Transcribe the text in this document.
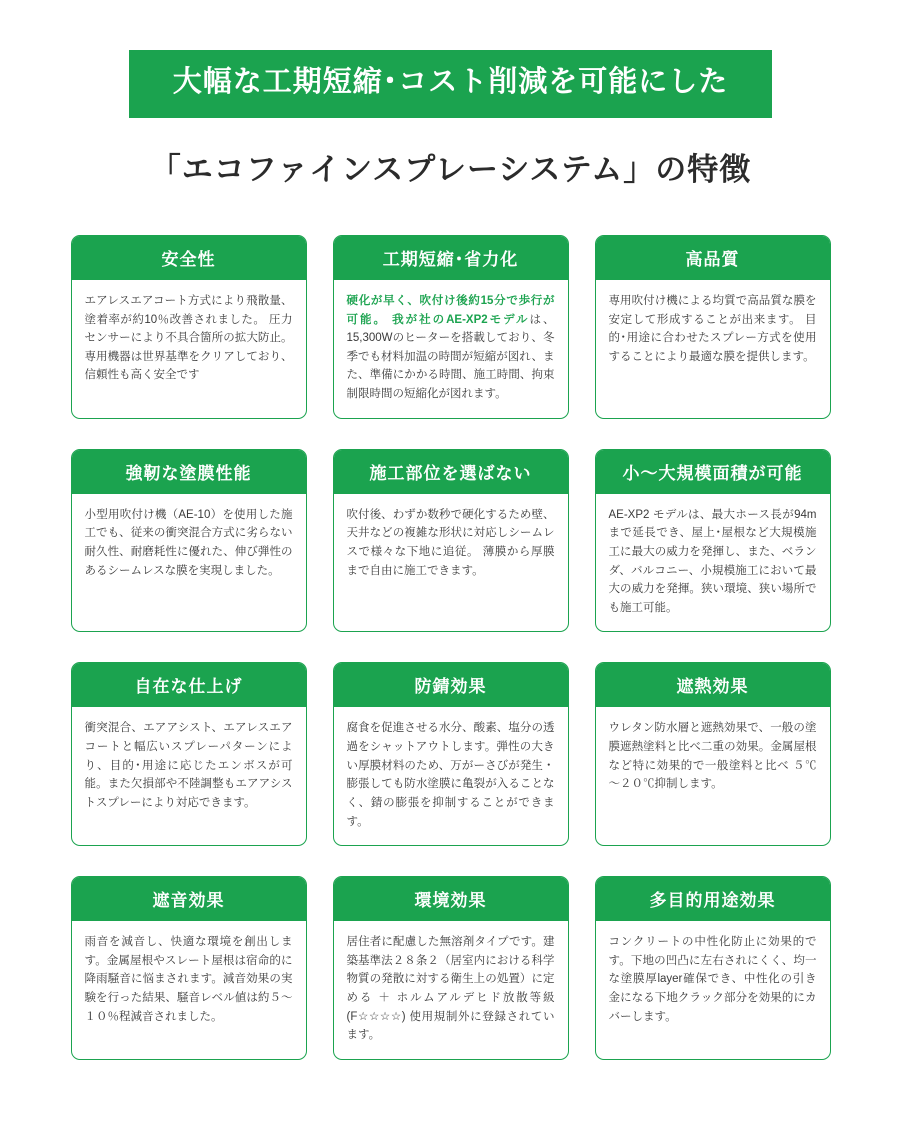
大幅な工期短縮･コスト削減を可能にした
「エコファインスプレーシステム」の特徴
安全性
エアレスエアコート方式により飛散量、塗着率が約10％改善されました。 圧力センサーにより不具合箇所の拡大防止。専用機器は世界基準をクリアしており、信頼性も高く安全です
工期短縮･省力化
硬化が早く、吹付け後約15分で歩行が可能。 我が社のAE-XP2モデルは、15,300Wのヒーターを搭載しており、冬季でも材料加温の時間が短縮が図れ、また、準備にかかる時間、施工時間、拘束制限時間の短縮化が図れます。
高品質
専用吹付け機による均質で高品質な膜を安定して形成することが出来ます。 目的･用途に合わせたスプレー方式を使用することにより最適な膜を提供します。
強靭な塗膜性能
小型用吹付け機（AE-10）を使用した施工でも、従来の衝突混合方式に劣らない耐久性、耐磨耗性に優れた、伸び弾性のあるシームレスな膜を実現しました。
施工部位を選ばない
吹付後、わずか数秒で硬化するため壁、天井などの複雑な形状に対応しシームレスで様々な下地に追従。 薄膜から厚膜まで自由に施工できます。
小～大規模面積が可能
AE-XP2 モデルは、最大ホース長が94mまで延長でき、屋上･屋根など大規模施工に最大の威力を発揮し、また、ベランダ、バルコニー、小規模施工において最大の威力を発揮。狭い環境、狭い場所でも施工可能。
自在な仕上げ
衝突混合、エアアシスト、エアレスエアコートと幅広いスプレーパターンにより、目的･用途に応じたエンボスが可能。また欠損部や不陸調整もエアアシストスプレーにより対応できます。
防錆効果
腐食を促進させる水分、酸素、塩分の透過をシャットアウトします。弾性の大きい厚膜材料のため、万がーさびが発生・膨張しても防水塗膜に亀裂が入ることなく、錆の膨張を抑制することができます。
遮熱効果
ウレタン防水層と遮熱効果で、一般の塗膜遮熱塗料と比べ二重の効果。金属屋根など特に効果的で一般塗料と比べ ５℃～２０℃抑制します。
遮音効果
雨音を減音し、快適な環境を創出します。金属屋根やスレート屋根は宿命的に降雨騒音に悩まされます。減音効果の実験を行った結果、騒音レベル値は約５～１０％程減音されました。
環境効果
居住者に配慮した無溶剤タイプです。建築基準法２８条２（居室内における科学物質の発散に対する衛生上の処置）に定める ＋ ホルムアルデヒド放散等級 (F☆☆☆☆) 使用規制外に登録されています。
多目的用途効果
コンクリートの中性化防止に効果的です。下地の凹凸に左右されにくく、均一な塗膜厚layer確保でき、中性化の引き金になる下地クラック部分を効果的にカバーします。
